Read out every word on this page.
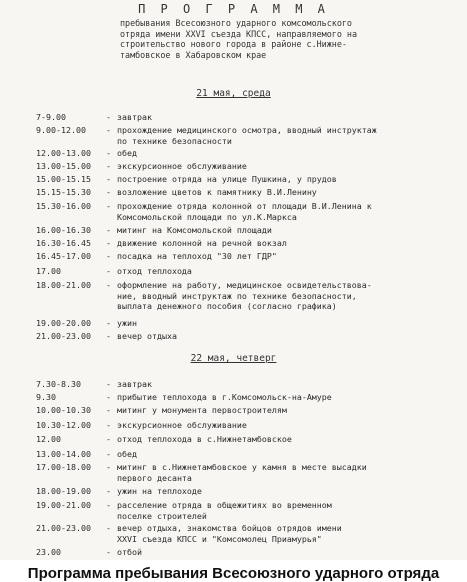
П Р О Г Р А М М А
пребывания Всесоюзного ударного комсомольского
отряда имени ХХVI съезда КПСС, направляемого на
строительство нового города в районе с.Нижне-
тамбовское в Хабаровском крае
21 мая, среда
7-9.00	- завтрак
9.00-12.00	- прохождение медицинского осмотра, вводный инструктаж
по технике безопасности
12.00-13.00	- обед
13.00-15.00	- экскурсионное обслуживание
15.00-15.15	- построение отряда на улице Пушкина, у прудов
15.15-15.30	- возложение цветов к памятнику В.И.Ленину
15.30-16.00	- прохождение отряда колонной от площади В.И.Ленина к
Комсомольской площади по ул.К.Маркса
16.00-16.30	- митинг на Комсомольской площади
16.30-16.45	- движение колонной на речной вокзал
16.45-17.00	- посадка на теплоход "30 лет ГДР"
17.00	- отход теплохода
18.00-21.00	- оформление на работу, медицинское освидетельствова-
ние, вводный инструктаж по технике безопасности,
выплата денежного пособия (согласно графика)
19.00-20.00	- ужин
21.00-23.00	- вечер отдыха
22 мая, четверг
7.30-8.30	- завтрак
9.30	- прибытие теплохода в г.Комсомольск-на-Амуре
10.00-10.30	- митинг у монумента первостроителям
10.30-12.00	- экскурсионное обслуживание
12.00	- отход теплохода в с.Нижнетамбовское
13.00-14.00	- обед
17.00-18.00	- митинг в с.Нижнетамбовское у камня в месте высадки
первого десанта
18.00-19.00	- ужин на теплоходе
19.00-21.00	- расселение отряда в общежитиях во временном
поселке строителей
21.00-23.00	- вечер отдыха, знакомства бойцов отрядов имени
ХХVI съезда КПСС и "Комсомолец Приамурья"
23.00	- отбой
Программа пребывания Всесоюзного ударного отряда
